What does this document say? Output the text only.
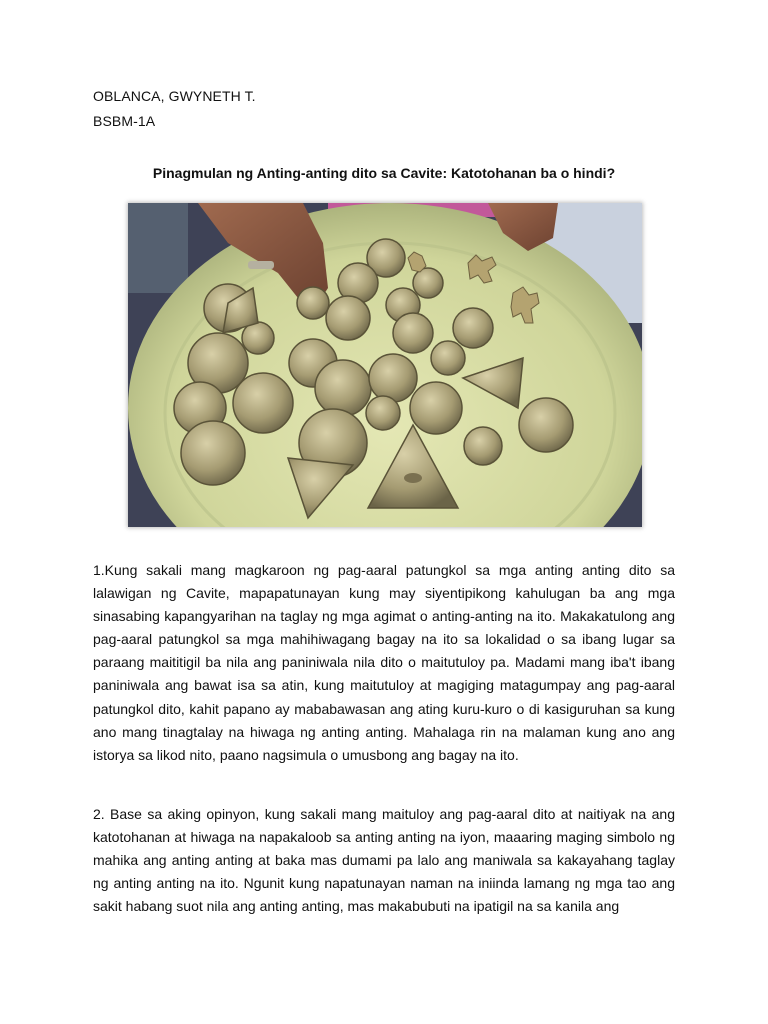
OBLANCA, GWYNETH T.
BSBM-1A
Pinagmulan ng Anting-anting dito sa Cavite: Katotohanan ba o hindi?

1.Kung sakali mang magkaroon ng pag-aaral patungkol sa mga anting anting dito sa lalawigan ng Cavite, mapapatunayan kung may siyentipikong kahulugan ba ang mga sinasabing kapangyarihan na taglay ng mga agimat o anting-anting na ito. Makakatulong ang pag-aaral patungkol sa mga mahihiwagang bagay na ito sa lokalidad o sa ibang lugar sa paraang maititigil ba nila ang paniniwala nila dito o maitutuloy pa. Madami mang iba't ibang paniniwala ang bawat isa sa atin, kung maitutuloy at magiging matagumpay ang pag-aaral patungkol dito, kahit papano ay mababawasan ang ating kuru-kuro o di kasiguruhan sa kung ano mang tinagtalay na hiwaga ng anting anting. Mahalaga rin na malaman kung ano ang istorya sa likod nito, paano nagsimula o umusbong ang bagay na ito.

2. Base sa aking opinyon, kung sakali mang maituloy ang pag-aaral dito at naitiyak na ang katotohanan at hiwaga na napakaloob sa anting anting na iyon, maaaring maging simbolo ng mahika ang anting anting at baka mas dumami pa lalo ang maniwala sa kakayahang taglay ng anting anting na ito. Ngunit kung napatunayan naman na iniinda lamang ng mga tao ang sakit habang suot nila ang anting anting, mas makabubuti na ipatigil na sa kanila ang
